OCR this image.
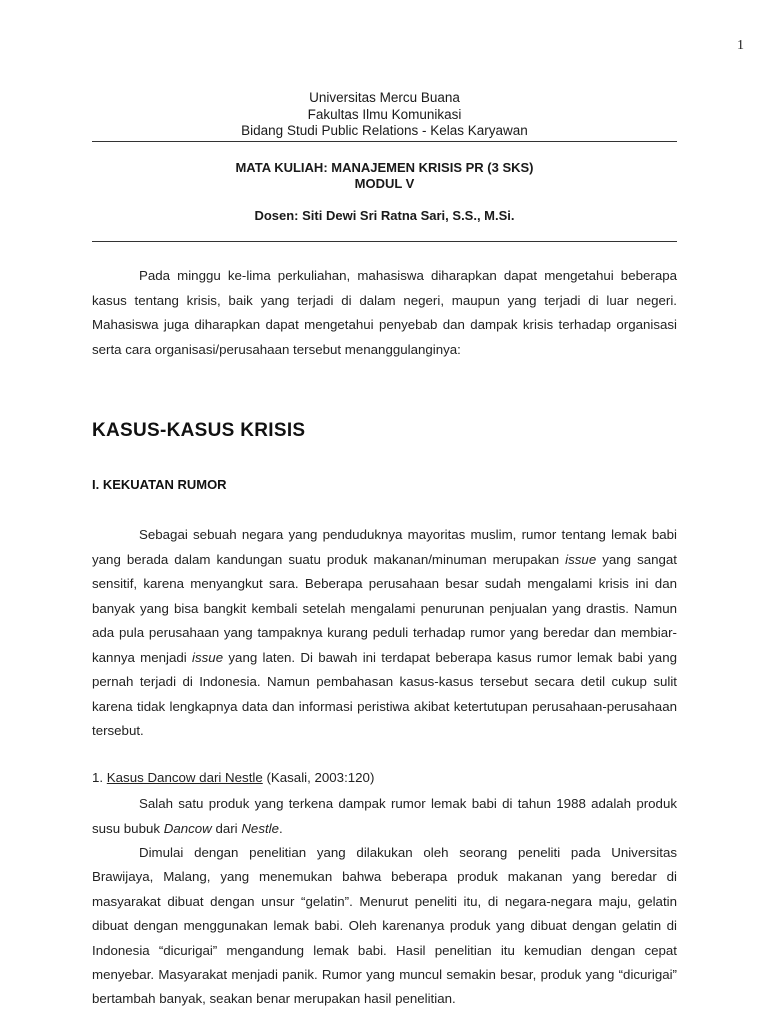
1
Universitas Mercu Buana
Fakultas Ilmu Komunikasi
Bidang Studi Public Relations - Kelas Karyawan
MATA KULIAH: MANAJEMEN KRISIS PR (3 SKS)
MODUL V
Dosen: Siti Dewi Sri Ratna Sari, S.S., M.Si.

Pada minggu ke-lima perkuliahan, mahasiswa diharapkan dapat mengetahui beberapa kasus tentang krisis, baik yang terjadi di dalam negeri, maupun yang terjadi di luar negeri. Mahasiswa juga diharapkan dapat mengetahui penyebab dan dampak krisis terhadap organisasi serta cara organisasi/perusahaan tersebut menanggulanginya:

KASUS-KASUS KRISIS
I. KEKUATAN RUMOR

Sebagai sebuah negara yang penduduknya mayoritas muslim, rumor tentang lemak babi yang berada dalam kandungan suatu produk makanan/minuman merupakan issue yang sangat sensitif, karena menyangkut sara. Beberapa perusahaan besar sudah mengalami krisis ini dan banyak yang bisa bangkit kembali setelah mengalami penurunan penjualan yang drastis. Namun ada pula perusahaan yang tampaknya kurang peduli terhadap rumor yang beredar dan membiar-kannya menjadi issue yang laten. Di bawah ini terdapat beberapa kasus rumor lemak babi yang pernah terjadi di Indonesia. Namun pembahasan kasus-kasus tersebut secara detil cukup sulit karena tidak lengkapnya data dan informasi peristiwa akibat ketertutupan perusahaan-perusahaan tersebut.

1. Kasus Dancow dari Nestle (Kasali, 2003:120)

Salah satu produk yang terkena dampak rumor lemak babi di tahun 1988 adalah produk susu bubuk Dancow dari Nestle.

Dimulai dengan penelitian yang dilakukan oleh seorang peneliti pada Universitas Brawijaya, Malang, yang menemukan bahwa beberapa produk makanan yang beredar di masyarakat dibuat dengan unsur “gelatin”. Menurut peneliti itu, di negara-negara maju, gelatin dibuat dengan menggunakan lemak babi. Oleh karenanya produk yang dibuat dengan gelatin di Indonesia “dicurigai” mengandung lemak babi. Hasil penelitian itu kemudian dengan cepat menyebar. Masyarakat menjadi panik. Rumor yang muncul semakin besar, produk yang “dicurigai” bertambah banyak, seakan benar merupakan hasil penelitian.
